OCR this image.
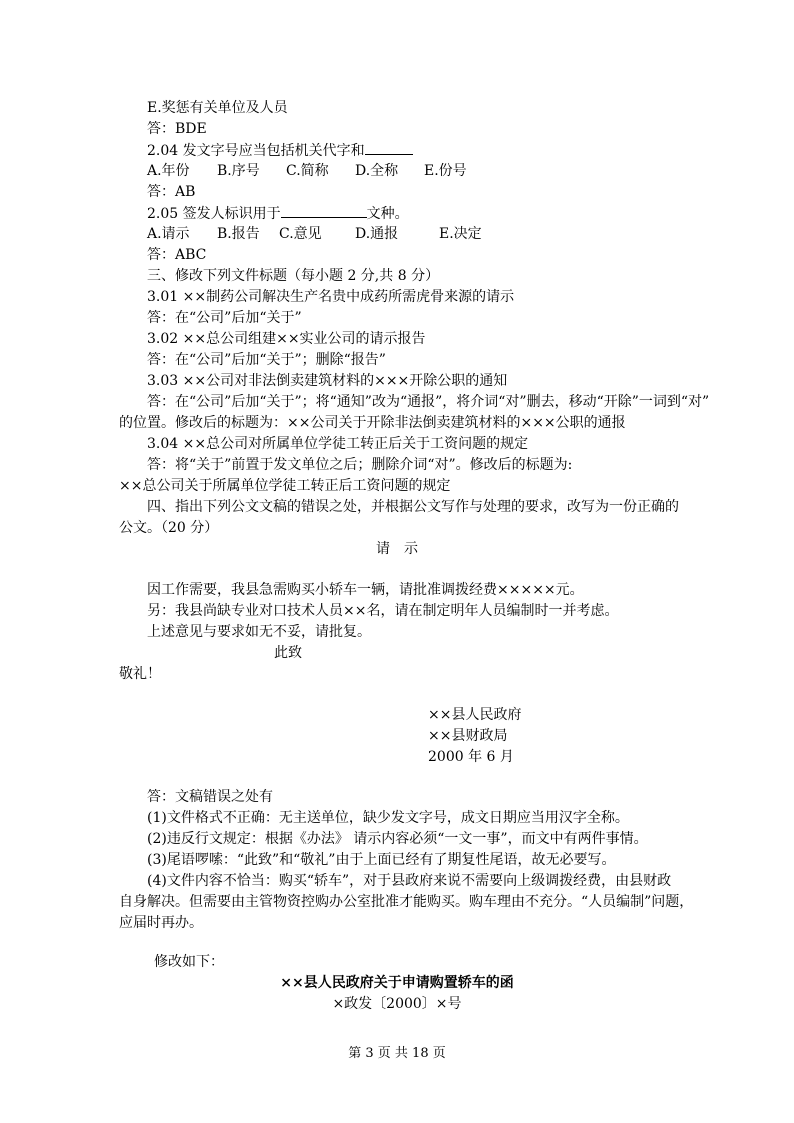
E.奖惩有关单位及人员
答：BDE
2.04 发文字号应当包括机关代字和
A.年份 B.序号 C.简称 D.全称 E.份号
答：AB
2.05 签发人标识用于	文种。
A.请示 B.报告 C.意见 D.通报	E.决定
答：ABC
三、修改下列文件标题（每小题 2 分,共 8 分）
3.01 ××制药公司解决生产名贵中成药所需虎骨来源的请示
答：在“公司”后加“关于”
3.02 ××总公司组建××实业公司的请示报告
答：在“公司”后加“关于”；删除“报告”
3.03 ××公司对非法倒卖建筑材料的×××开除公职的通知
答：在“公司”后加“关于”；将“通知”改为“通报”，将介词“对”删去，移动“开除”一词到“对”
的位置。修改后的标题为：××公司关于开除非法倒卖建筑材料的×××公职的通报
3.04 ××总公司对所属单位学徒工转正后关于工资问题的规定
答：将“关于”前置于发文单位之后；删除介词“对”。修改后的标题为:
××总公司关于所属单位学徒工转正后工资问题的规定
四、指出下列公文文稿的错误之处，并根据公文写作与处理的要求，改写为一份正确的
公文。（20 分）
请　示
因工作需要，我县急需购买小轿车一辆，请批准调拨经费×××××元。
另：我县尚缺专业对口技术人员××名，请在制定明年人员编制时一并考虑。
上述意见与要求如无不妥，请批复。
此致
敬礼！
××县人民政府
××县财政局
2000 年 6 月
答：文稿错误之处有
(1)文件格式不正确：无主送单位，缺少发文字号，成文日期应当用汉字全称。
(2)违反行文规定：根据《办法》 请示内容必须“一文一事”，而文中有两件事情。
(3)尾语啰嗦：“此致”和“敬礼”由于上面已经有了期复性尾语，故无必要写。
(4)文件内容不恰当：购买“轿车”，对于县政府来说不需要向上级调拨经费，由县财政
自身解决。但需要由主管物资控购办公室批准才能购买。购车理由不充分。“人员编制”问题，
应届时再办。
修改如下：
××县人民政府关于申请购置轿车的函
×政发〔2000〕×号
第 3 页 共 18 页
